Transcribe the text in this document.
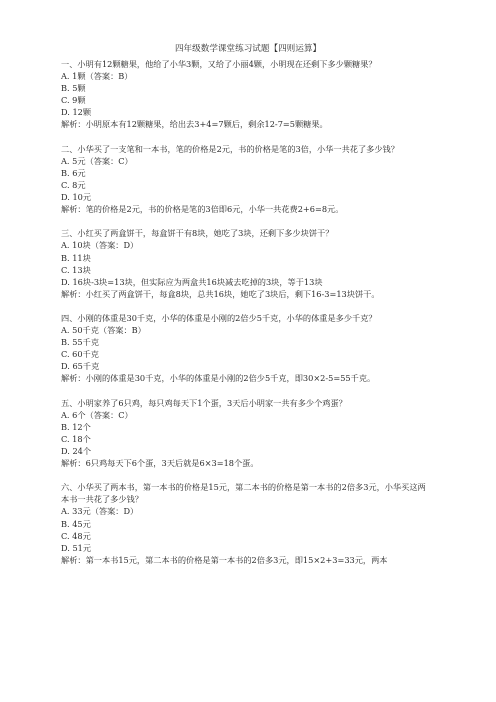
四年级数学课堂练习试题【四则运算】
一、小明有12颗糖果，他给了小华3颗，又给了小丽4颗，小明现在还剩下多少颗糖果？
A. 1颗（答案：B）
B. 5颗
C. 9颗
D. 12颗
解析：小明原本有12颗糖果，给出去3+4=7颗后，剩余12-7=5颗糖果。
二、小华买了一支笔和一本书，笔的价格是2元，书的价格是笔的3倍，小华一共花了多少钱？
A. 5元（答案：C）
B. 6元
C. 8元
D. 10元
解析：笔的价格是2元，书的价格是笔的3倍即6元，小华一共花费2+6=8元。
三、小红买了两盒饼干，每盒饼干有8块，她吃了3块，还剩下多少块饼干？
A. 10块（答案：D）
B. 11块
C. 13块
D. 16块-3块=13块，但实际应为两盒共16块减去吃掉的3块，等于13块
解析：小红买了两盒饼干，每盒8块，总共16块，她吃了3块后，剩下16-3=13块饼干。
四、小刚的体重是30千克，小华的体重是小刚的2倍少5千克，小华的体重是多少千克？
A. 50千克（答案：B）
B. 55千克
C. 60千克
D. 65千克
解析：小刚的体重是30千克，小华的体重是小刚的2倍少5千克，即30×2-5=55千克。
五、小明家养了6只鸡，每只鸡每天下1个蛋，3天后小明家一共有多少个鸡蛋？
A. 6个（答案：C）
B. 12个
C. 18个
D. 24个
解析：6只鸡每天下6个蛋，3天后就是6×3=18个蛋。
六、小华买了两本书，第一本书的价格是15元，第二本书的价格是第一本书的2倍多3元，小华买这两本书一共花了多少钱？
A. 33元（答案：D）
B. 45元
C. 48元
D. 51元
解析：第一本书15元，第二本书的价格是第一本书的2倍多3元，即15×2+3=33元，两本
